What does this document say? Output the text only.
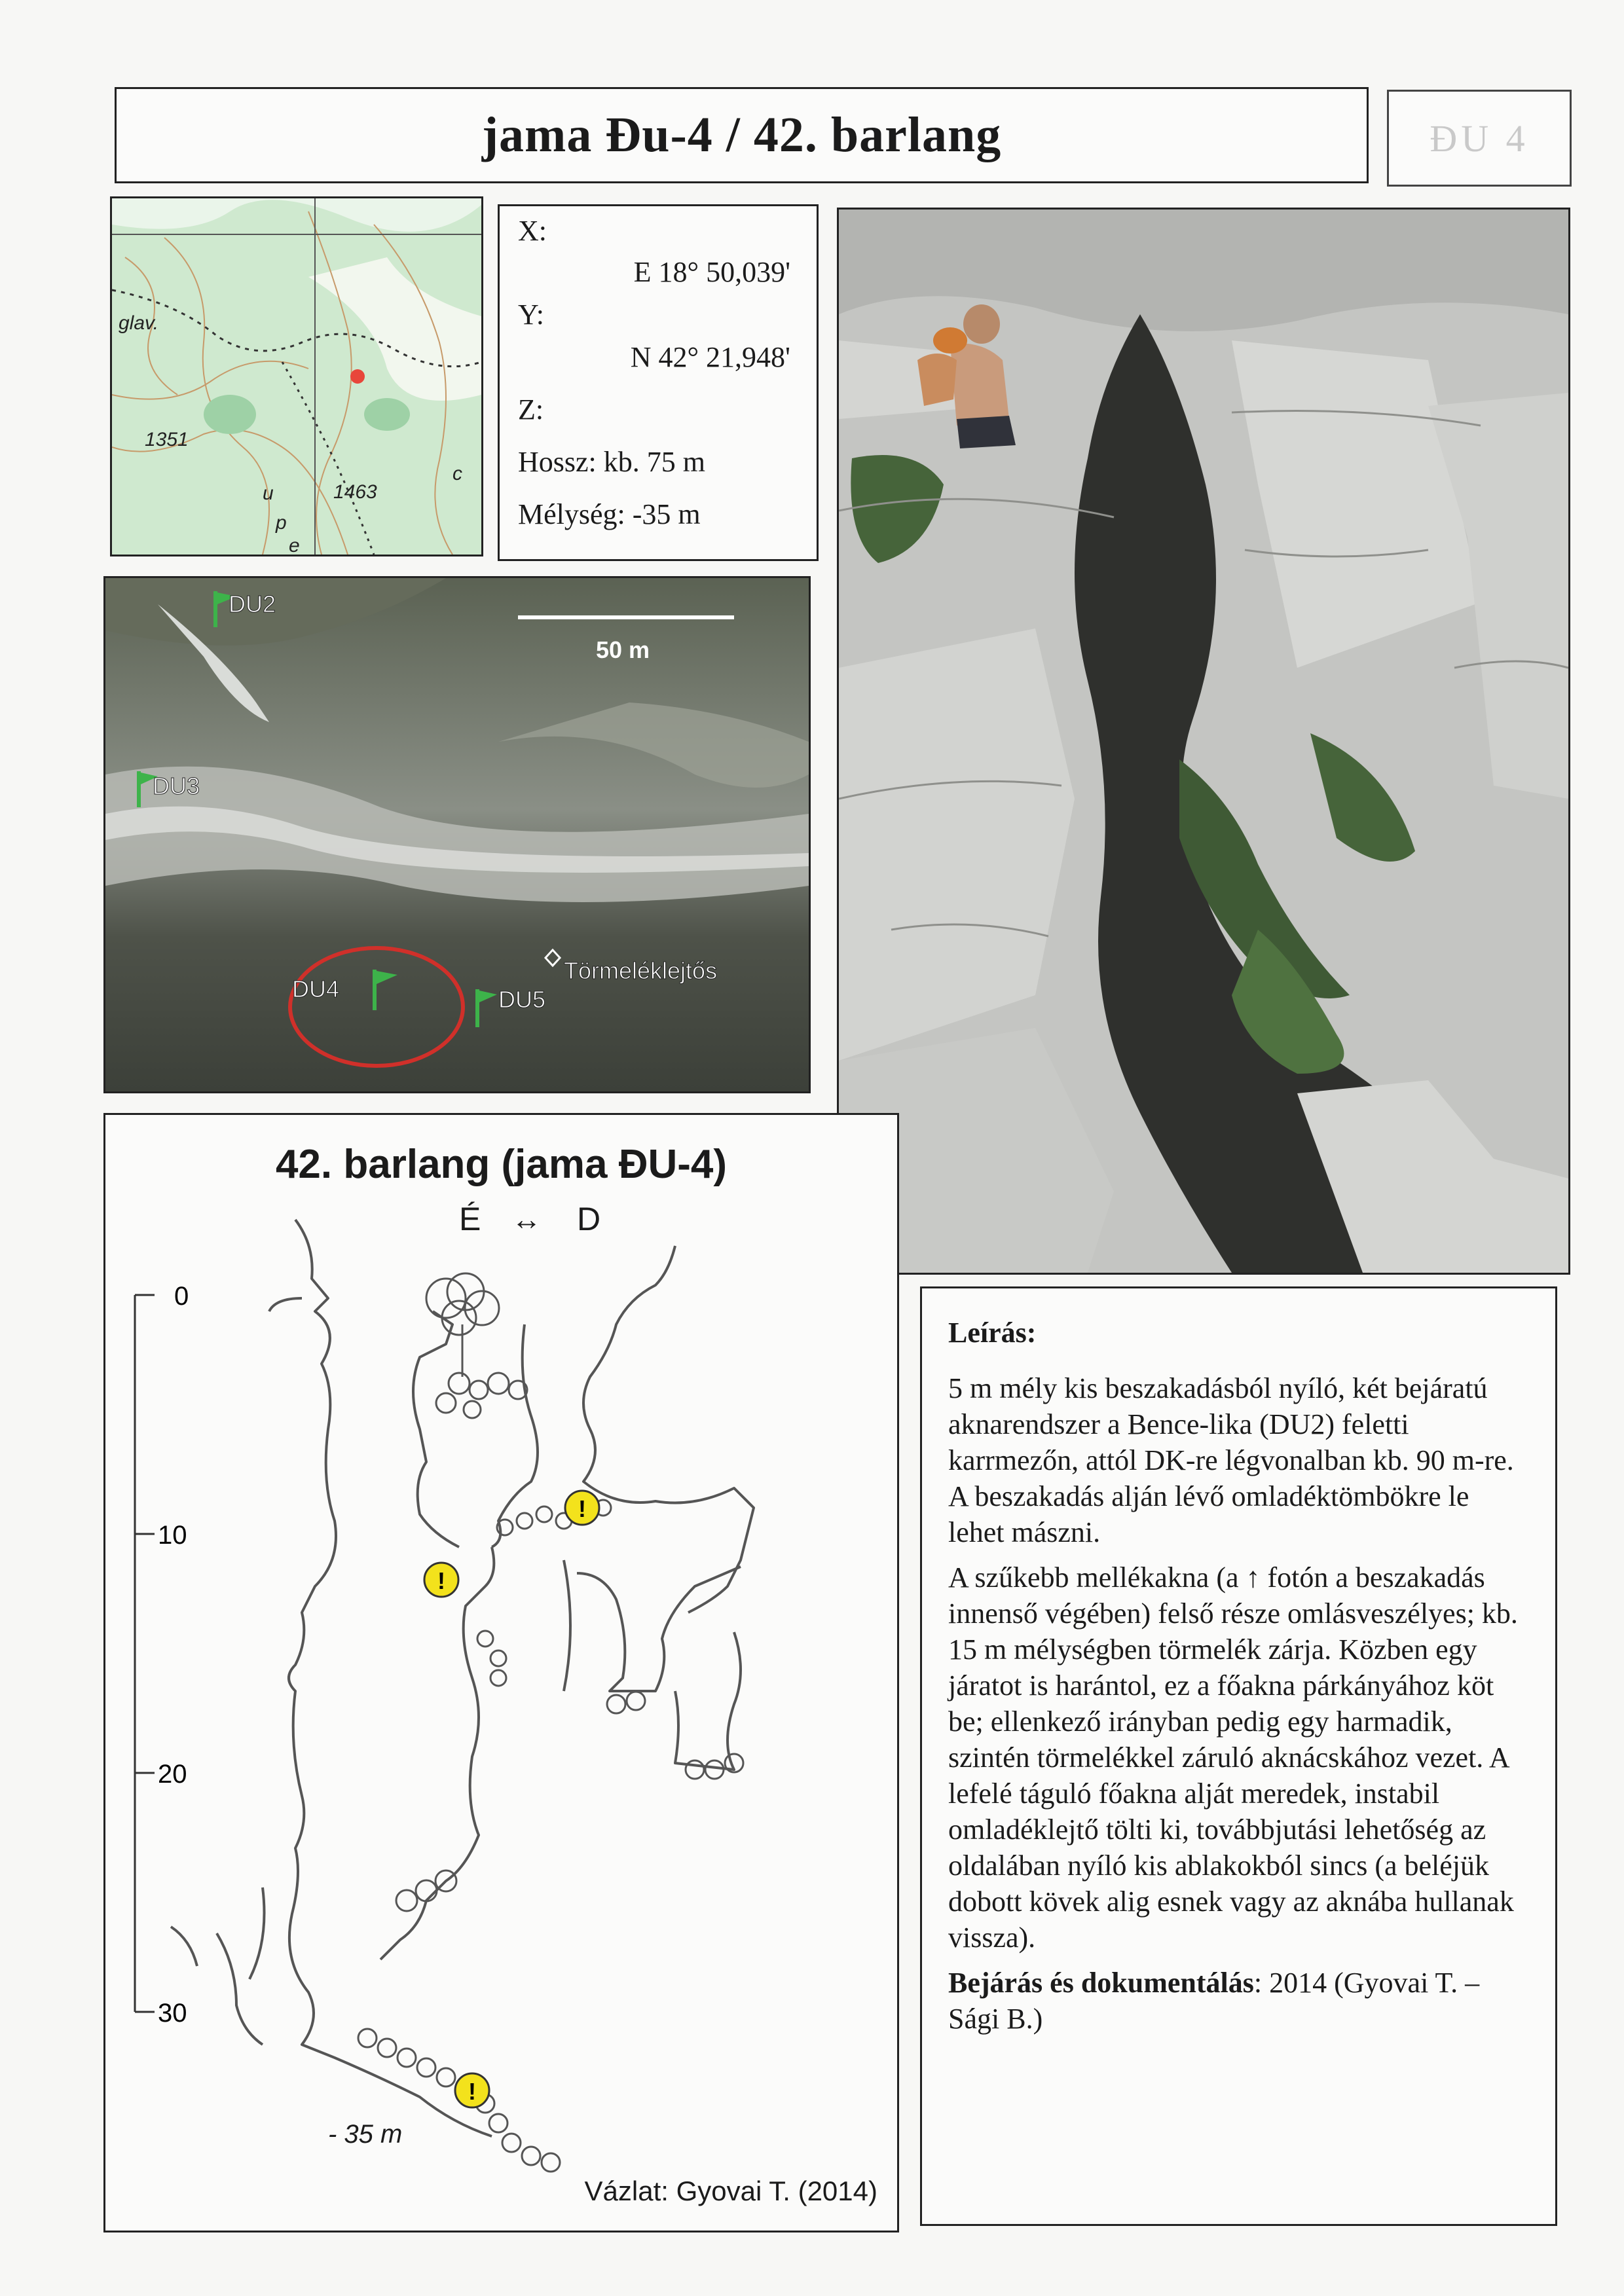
jama Đu-4 / 42. barlang	ĐU 4
glav.
1351
1463
c
u
p
e
X:
E 18° 50,039'
Y:
N 42° 21,948'
Z:
Hossz: kb. 75 m
Mélység: -35 m
50 m
DU2
DU3
DU4	DU5
Törmeléklejtős
42. barlang (jama ĐU-4)
É ↔ D
0
10
20
30
!
!
!
- 35 m
Vázlat: Gyovai T. (2014)

Leírás:

5 m mély kis beszakadásból nyíló, két bejáratú aknarendszer a Bence-lika (DU2) feletti karrmezőn, attól DK-re légvonalban kb. 90 m-re. A beszakadás alján lévő omladéktömbökre le lehet mászni.

A szűkebb mellékakna (a ↑ fotón a beszakadás innenső végében) felső része omlásveszélyes; kb. 15 m mélységben törmelék zárja. Közben egy járatot is harántol, ez a főakna párkányához köt be; ellenkező irányban pedig egy harmadik, szintén törmelékkel záruló aknácskához vezet. A lefelé táguló főakna alját meredek, instabil omladéklejtő tölti ki, továbbjutási lehetőség az oldalában nyíló kis ablakokból sincs (a beléjük dobott kövek alig esnek vagy az aknába hullanak vissza).

Bejárás és dokumentálás: 2014 (Gyovai T. – Sági B.)
